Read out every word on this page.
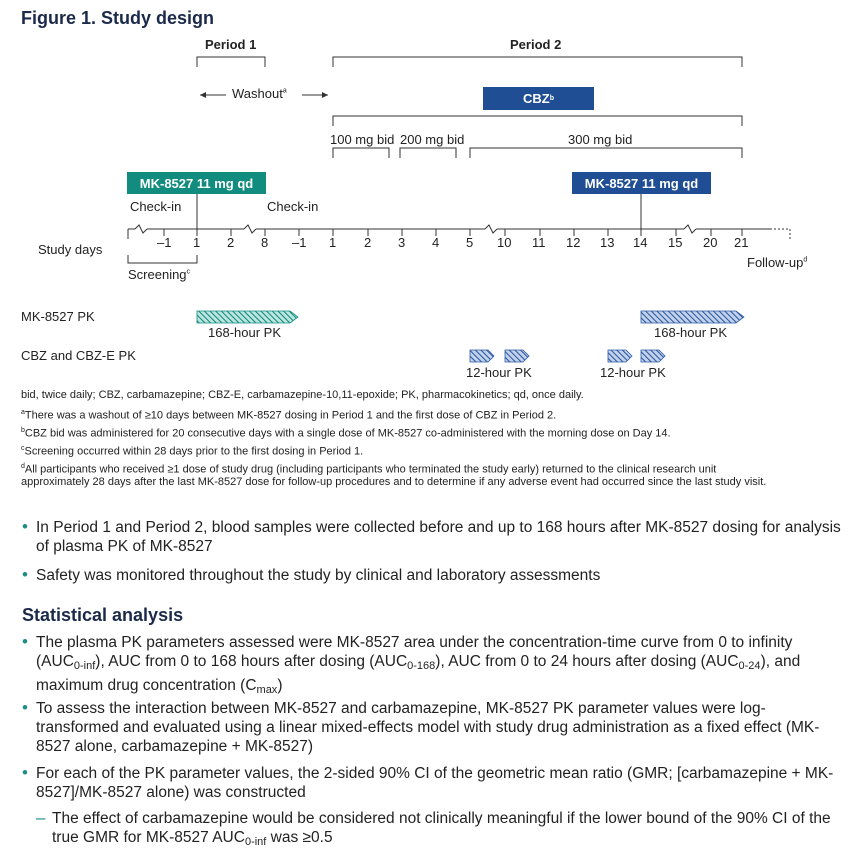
Figure 1. Study design
Period 1	Period 2
Washout$^a$	CBZ b
100 mg bid 200 mg bid	300 mg bid
MK-8527 11 mg qd	MK-8527 11 mg qd
Check-in	Check-in
Study days	–1 1 2 8 –1 1 2 3 4 5 10 11 12 13 14 15 20 21
Screening$^c$
Follow-$up^d$
MK-8527 PK
168-hour PK	168-hour PK
CBZ and CBZ-E PK
12-hour PK	12-hour PK
bid, twice daily; CBZ, carbamazepine; CBZ-E, carbamazepine-10,11-epoxide; PK, pharmacokinetics; qd, once daily.
$^a$There was a washout of ≥10 days between MK-8527 dosing in Period 1 and the first dose of CBZ in Period 2.
$^b$CBZ bid was administered for 20 consecutive days with a single dose of MK-8527 co-administered with the morning dose on Day 14.
$^c$Screening occurred within 28 days prior to the first dosing in Period 1.
$^d$All participants who received ≥1 dose of study drug (including participants who terminated the study early) returned to the clinical research unit
approximately 28 days after the last MK-8527 dose for follow-up procedures and to determine if any adverse event had occurred since the last study visit.
• In Period 1 and Period 2, blood samples were collected before and up to 168 hours after MK-8527 dosing for analysis of plasma PK of MK-8527
• Safety was monitored throughout the study by clinical and laboratory assessments
Statistical analysis
• The plasma PK parameters assessed were MK-8527 area under the concentration-time curve from 0 to infinity $(AUC_{0-inf})$, AUC from 0 to 168 hours after dosing $(AUC_{0-168})$, AUC from 0 to 24 hours after dosing $(AUC_{0-24})$, and maximum drug concentration $(C_{max})$
• To assess the interaction between MK-8527 and carbamazepine, MK-8527 PK parameter values were log-transformed and evaluated using a linear mixed-effects model with study drug administration as a fixed effect (MK-8527 alone, carbamazepine + MK-8527)
• For each of the PK parameter values, the 2-sided 90% CI of the geometric mean ratio (GMR; [carbamazepine + MK-8527]/MK-8527 alone) was constructed
– The effect of carbamazepine would be considered not clinically meaningful if the lower bound of the 90% CI of the true GMR for MK-8527 $AUC_{0-inf}$ was ≥0.5
